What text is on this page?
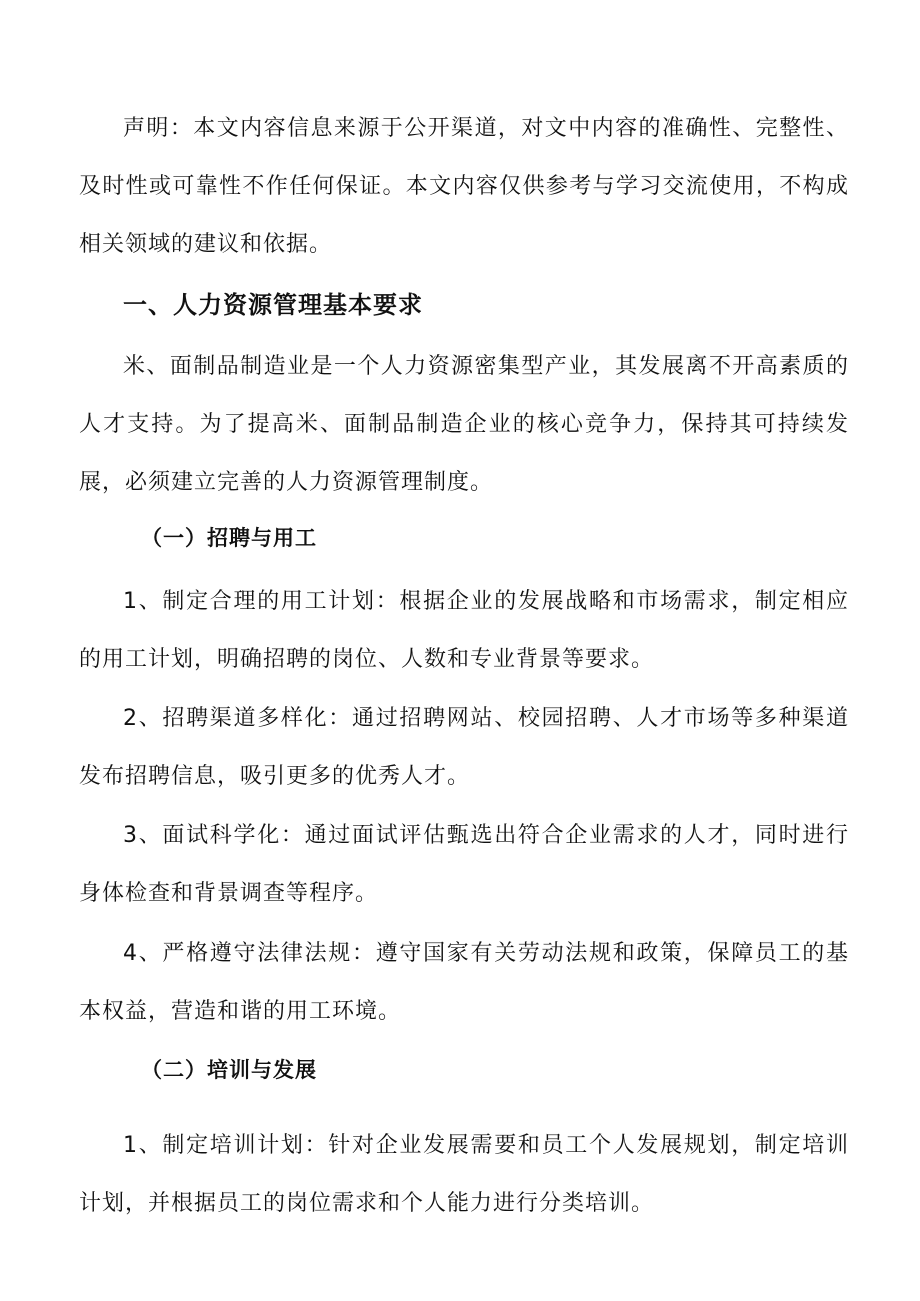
声明：本文内容信息来源于公开渠道，对文中内容的准确性、完整性、及时性或可靠性不作任何保证。本文内容仅供参考与学习交流使用，不构成相关领域的建议和依据。

一、人力资源管理基本要求

米、面制品制造业是一个人力资源密集型产业，其发展离不开高素质的人才支持。为了提高米、面制品制造企业的核心竞争力，保持其可持续发展，必须建立完善的人力资源管理制度。

（一）招聘与用工

1、制定合理的用工计划：根据企业的发展战略和市场需求，制定相应的用工计划，明确招聘的岗位、人数和专业背景等要求。

2、招聘渠道多样化：通过招聘网站、校园招聘、人才市场等多种渠道发布招聘信息，吸引更多的优秀人才。

3、面试科学化：通过面试评估甄选出符合企业需求的人才，同时进行身体检查和背景调查等程序。

4、严格遵守法律法规：遵守国家有关劳动法规和政策，保障员工的基本权益，营造和谐的用工环境。

（二）培训与发展

1、制定培训计划：针对企业发展需要和员工个人发展规划，制定培训计划，并根据员工的岗位需求和个人能力进行分类培训。
